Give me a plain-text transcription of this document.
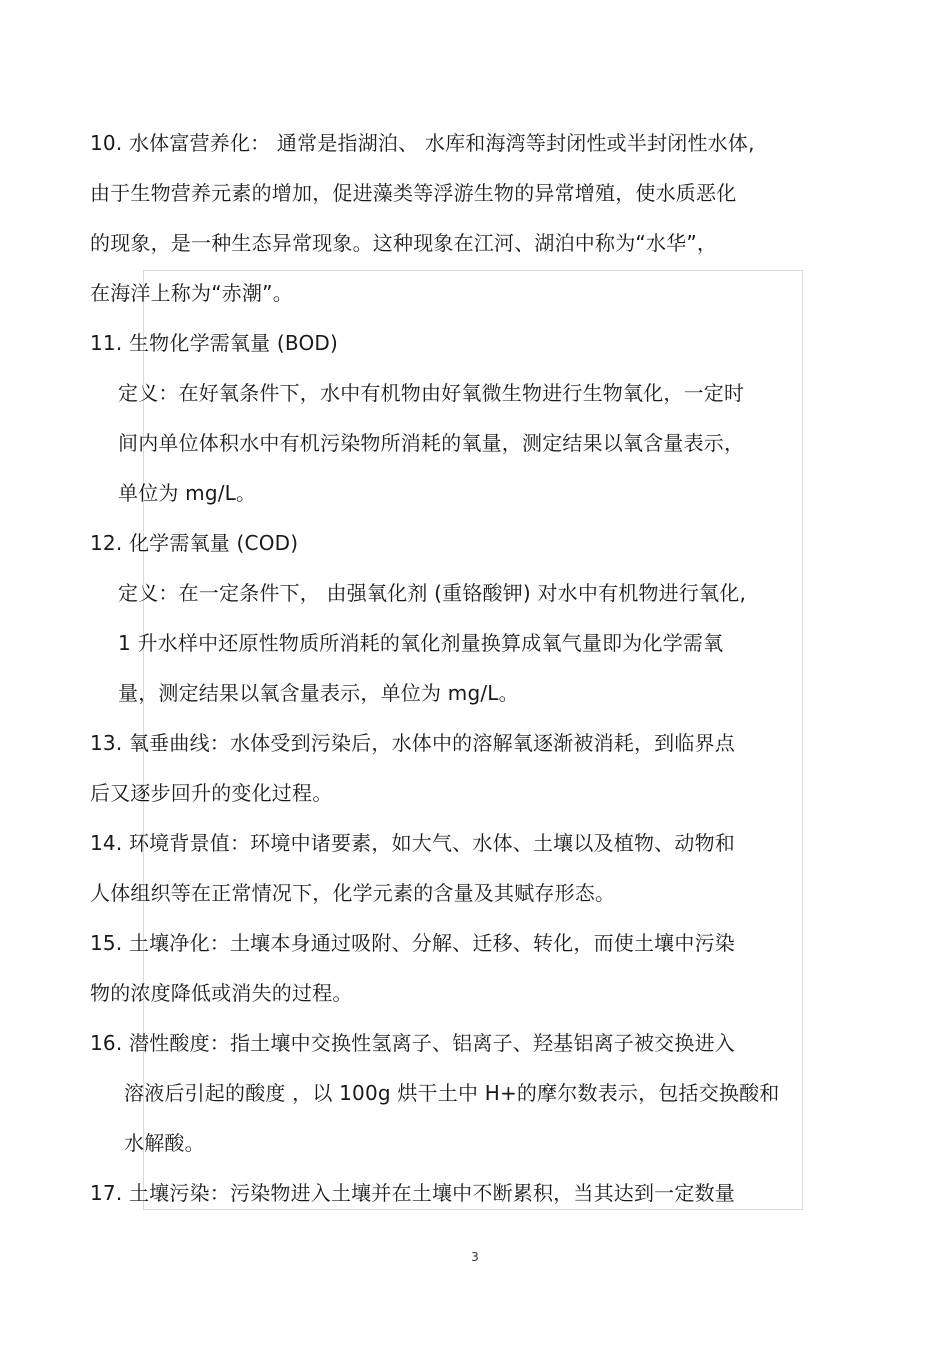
10. 水体富营养化： 通常是指湖泊、 水库和海湾等封闭性或半封闭性水体,
由于生物营养元素的增加，促进藻类等浮游生物的异常增殖，使水质恶化
的现象，是一种生态异常现象。这种现象在江河、湖泊中称为“水华”，
在海洋上称为“赤潮”。
11. 生物化学需氧量 (BOD)
定义：在好氧条件下，水中有机物由好氧微生物进行生物氧化，一定时
间内单位体积水中有机污染物所消耗的氧量，测定结果以氧含量表示，
单位为 mg/L。
12. 化学需氧量 (COD)
定义：在一定条件下， 由强氧化剂 (重铬酸钾) 对水中有机物进行氧化,
1 升水样中还原性物质所消耗的氧化剂量换算成氧气量即为化学需氧
量，测定结果以氧含量表示，单位为 mg/L。
13. 氧垂曲线：水体受到污染后，水体中的溶解氧逐渐被消耗，到临界点
后又逐步回升的变化过程。
14. 环境背景值：环境中诸要素，如大气、水体、土壤以及植物、动物和
人体组织等在正常情况下，化学元素的含量及其赋存形态。
15. 土壤净化：土壤本身通过吸附、分解、迁移、转化，而使土壤中污染
物的浓度降低或消失的过程。
16. 潜性酸度：指土壤中交换性氢离子、铝离子、羟基铝离子被交换进入
溶液后引起的酸度 ，以 100g 烘干土中 H+的摩尔数表示，包括交换酸和
水解酸。
17. 土壤污染：污染物进入土壤并在土壤中不断累积，当其达到一定数量
3
